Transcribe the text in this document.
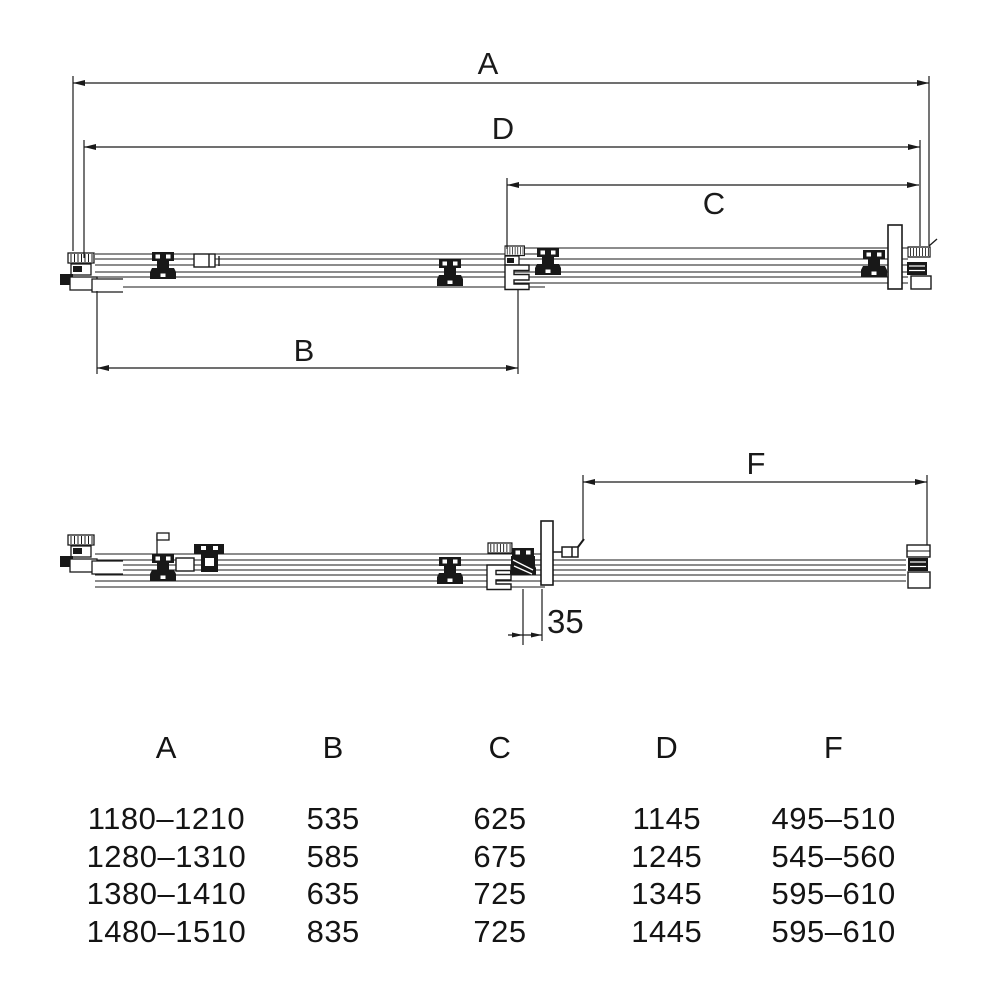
A
D
C
B
F
35
A	B	C	D	F
1180–1210	535	625	1145	495–510
1280–1310	585	675	1245	545–560
1380–1410	635	725	1345	595–610
1480–1510	835	725	1445	595–610
